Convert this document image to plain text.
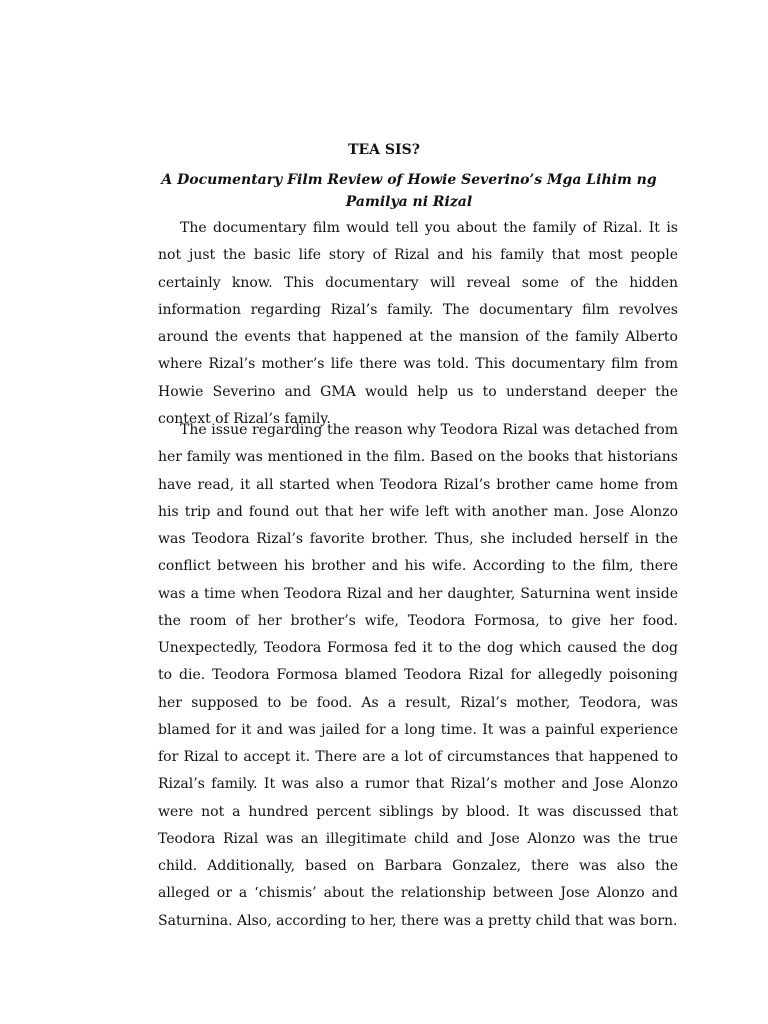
TEA SIS?
A Documentary Film Review of Howie Severino’s Mga Lihim ng Pamilya ni Rizal

The documentary film would tell you about the family of Rizal. It is not just the basic life story of Rizal and his family that most people certainly know. This documentary will reveal some of the hidden information regarding Rizal’s family. The documentary film revolves around the events that happened at the mansion of the family Alberto where Rizal’s mother’s life there was told. This documentary film from Howie Severino and GMA would help us to understand deeper the context of Rizal’s family.

The issue regarding the reason why Teodora Rizal was detached from her family was mentioned in the film. Based on the books that historians have read, it all started when Teodora Rizal’s brother came home from his trip and found out that her wife left with another man. Jose Alonzo was Teodora Rizal’s favorite brother. Thus, she included herself in the conflict between his brother and his wife. According to the film, there was a time when Teodora Rizal and her daughter, Saturnina went inside the room of her brother’s wife, Teodora Formosa, to give her food. Unexpectedly, Teodora Formosa fed it to the dog which caused the dog to die. Teodora Formosa blamed Teodora Rizal for allegedly poisoning her supposed to be food. As a result, Rizal’s mother, Teodora, was blamed for it and was jailed for a long time. It was a painful experience for Rizal to accept it. There are a lot of circumstances that happened to Rizal’s family. It was also a rumor that Rizal’s mother and Jose Alonzo were not a hundred percent siblings by blood. It was discussed that Teodora Rizal was an illegitimate child and Jose Alonzo was the true child. Additionally, based on Barbara Gonzalez, there was also the alleged or a ‘chismis’ about the relationship between Jose Alonzo and Saturnina. Also, according to her, there was a pretty child that was born.
